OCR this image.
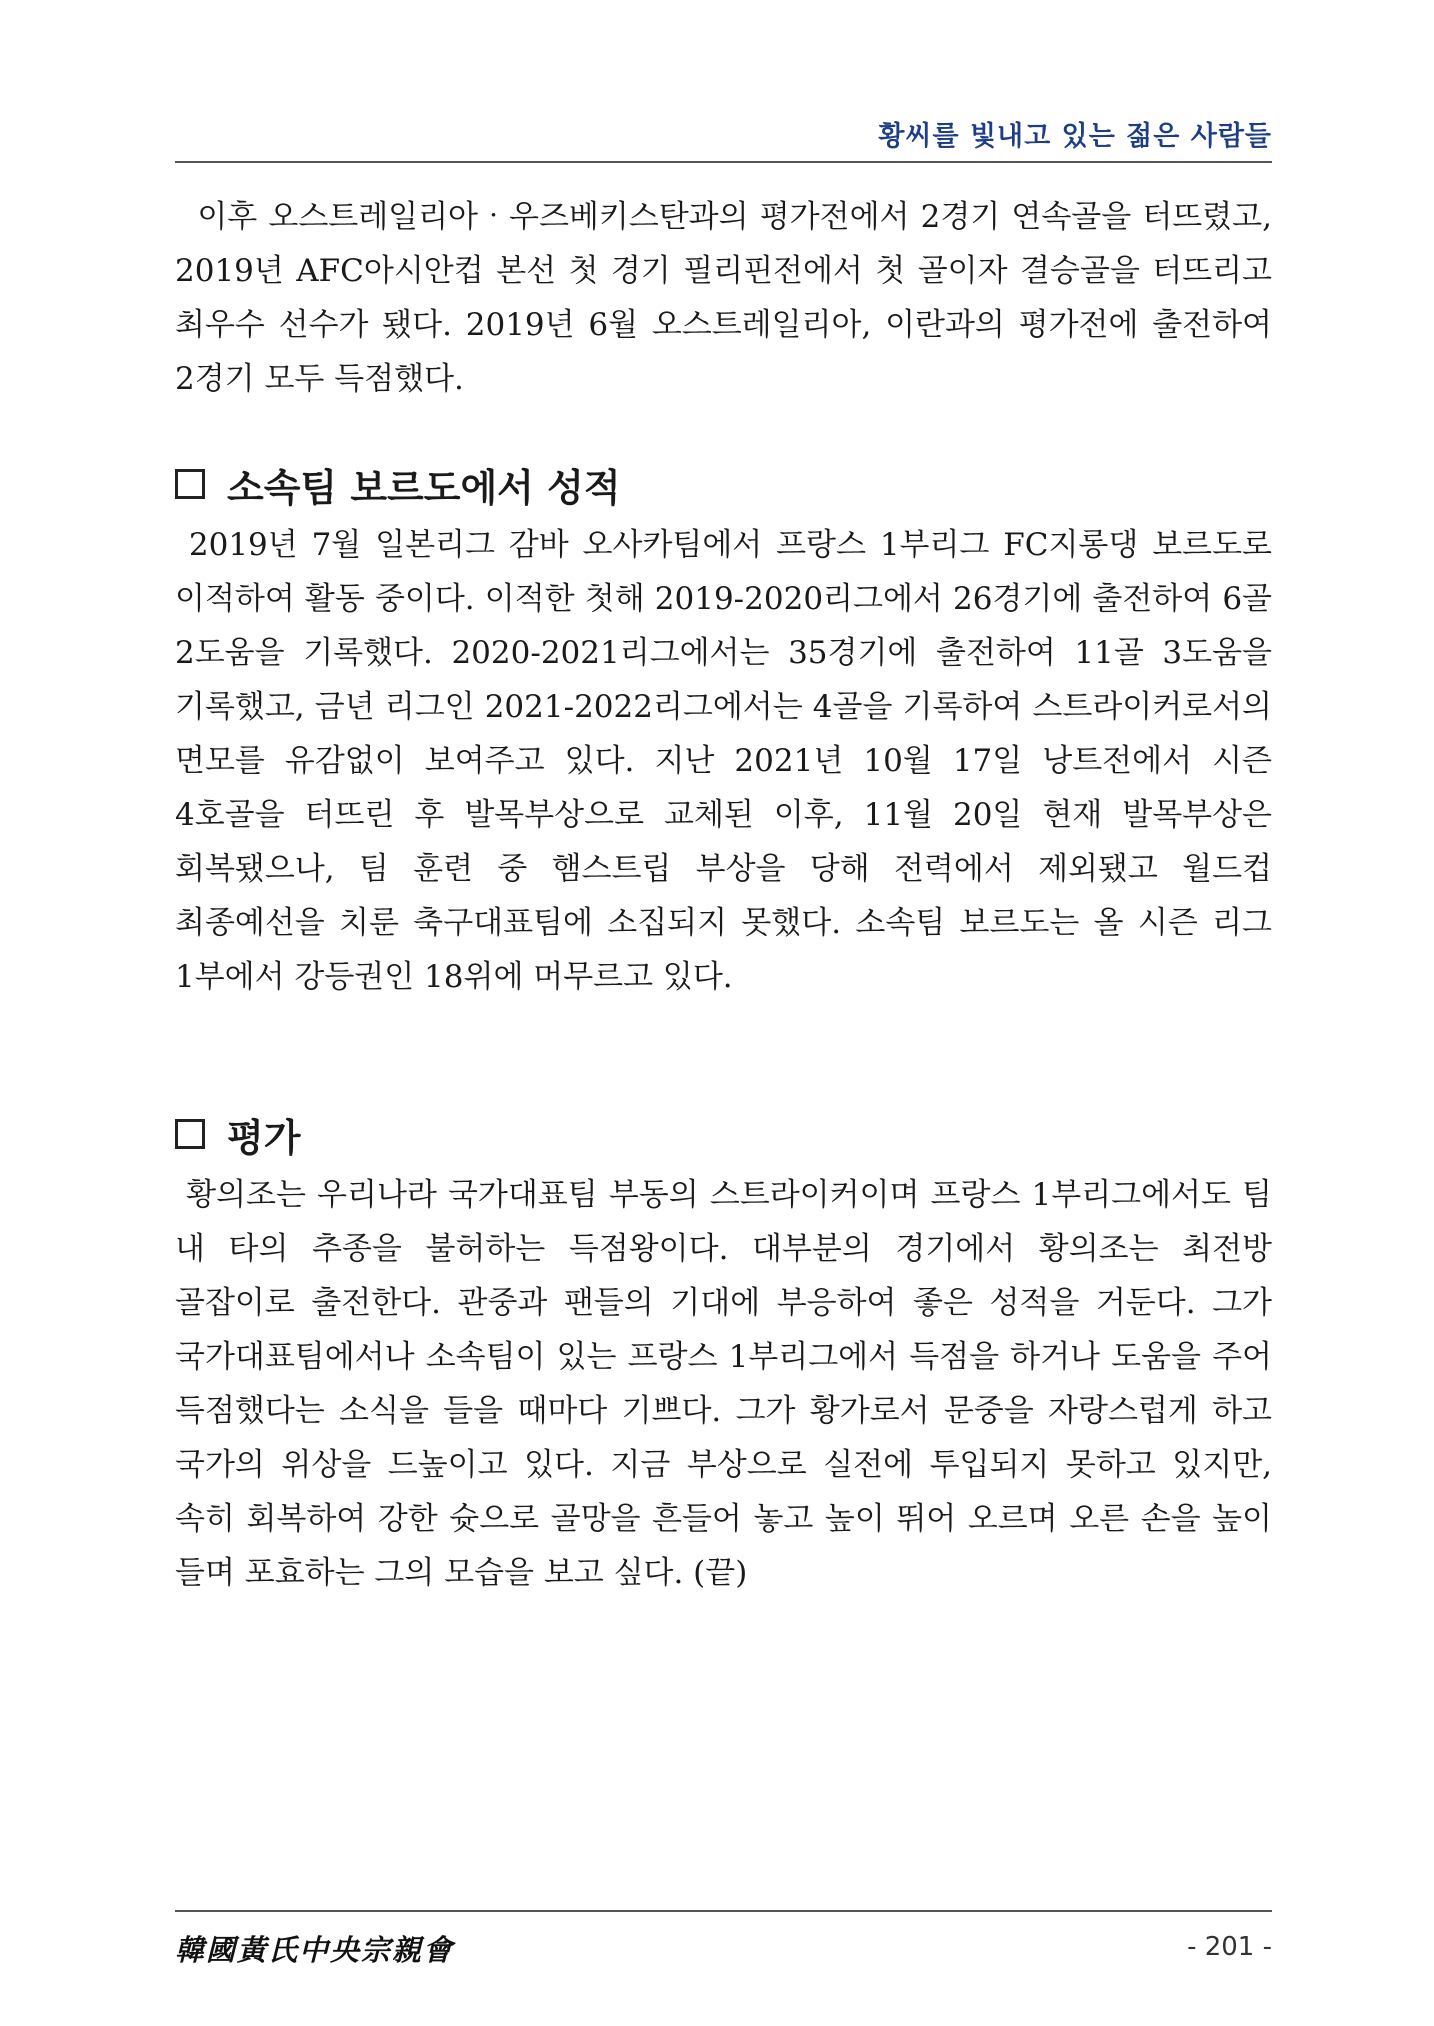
황씨를 빛내고 있는 젊은 사람들

이후 오스트레일리아‧우즈베키스탄과의 평가전에서 2경기 연속골을 터뜨렸고, 2019년 AFC아시안컵 본선 첫 경기 필리핀전에서 첫 골이자 결승골을 터뜨리고 최우수 선수가 됐다. 2019년 6월 오스트레일리아, 이란과의 평가전에 출전하여 2경기 모두 득점했다.

소속팀 보르도에서 성적

2019년 7월 일본리그 감바 오사카팀에서 프랑스 1부리그 FC지롱댕 보르도로 이적하여 활동 중이다. 이적한 첫해 2019-2020리그에서 26경기에 출전하여 6골 2도움을 기록했다. 2020-2021리그에서는 35경기에 출전하여 11골 3도움을 기록했고, 금년 리그인 2021-2022리그에서는 4골을 기록하여 스트라이커로서의 면모를 유감없이 보여주고 있다. 지난 2021년 10월 17일 낭트전에서 시즌 4호골을 터뜨린 후 발목부상으로 교체된 이후, 11월 20일 현재 발목부상은 회복됐으나, 팀 훈련 중 햄스트립 부상을 당해 전력에서 제외됐고 월드컵 최종예선을 치룬 축구대표팀에 소집되지 못했다. 소속팀 보르도는 올 시즌 리그 1부에서 강등권인 18위에 머무르고 있다.

평가

황의조는 우리나라 국가대표팀 부동의 스트라이커이며 프랑스 1부리그에서도 팀 내 타의 추종을 불허하는 득점왕이다. 대부분의 경기에서 황의조는 최전방 골잡이로 출전한다. 관중과 팬들의 기대에 부응하여 좋은 성적을 거둔다. 그가 국가대표팀에서나 소속팀이 있는 프랑스 1부리그에서 득점을 하거나 도움을 주어 득점했다는 소식을 들을 때마다 기쁘다. 그가 황가로서 문중을 자랑스럽게 하고 국가의 위상을 드높이고 있다. 지금 부상으로 실전에 투입되지 못하고 있지만, 속히 회복하여 강한 슛으로 골망을 흔들어 놓고 높이 뛰어 오르며 오른 손을 높이 들며 포효하는 그의 모습을 보고 싶다. (끝)

韓國黃氏中央宗親會	- 201 -
